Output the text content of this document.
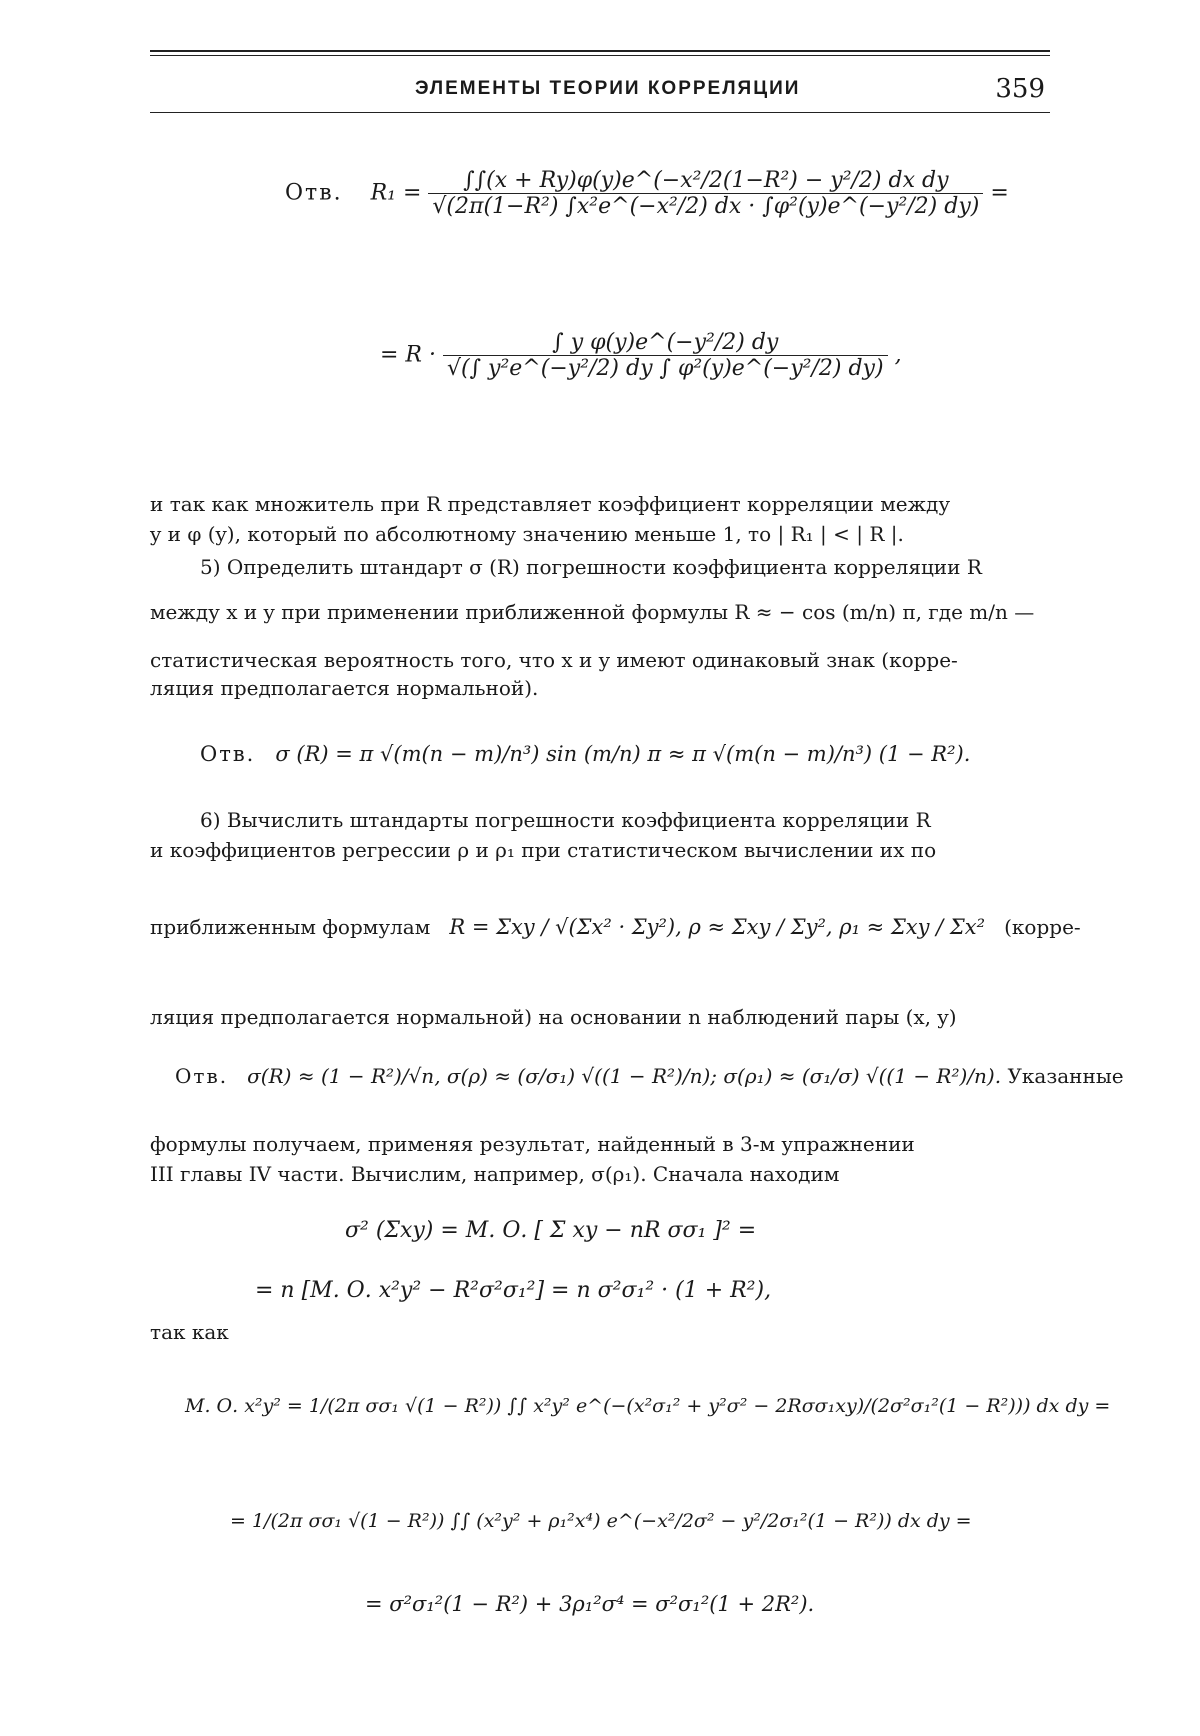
ЭЛЕМЕНТЫ ТЕОРИИ КОРРЕЛЯЦИИ	359
Отв. $R_1 = \frac{\text{∫∫(x + Ry)φ(y)e\textasciicircum{}(−x²/2(1−R²) − y²/2) dx dy}}{\text{√(2π(1−R²) ∫x²e\textasciicircum{}(−x²/2) dx · ∫φ²(y)e\textasciicircum{}(−y²/2) dy)}}$ =
= $R \cdot \frac{\text{∫ y φ(y)e\textasciicircum{}(−y²/2) dy}}{\text{√(∫ y²e\textasciicircum{}(−y²/2) dy ∫ φ²(y)e\textasciicircum{}(−y²/2) dy)}}$ ,
и так как множитель при R представляет коэффициент корреляции между
y и φ (y), который по абсолютному значению меньше 1, то | R₁ | < | R |.
5) Определить штандарт σ (R) погрешности коэффициента корреляции R
между x и y при применении приближенной формулы R ≈ − cos (m/n) π, где m/n —
статистическая вероятность того, что x и y имеют одинаковый знак (корре-
ляция предполагается нормальной).
Отв. σ (R) = π √(m(n − m)/n³) sin (m/n) π ≈ π √(m(n − m)/n³) (1 − R²).
6) Вычислить штандарты погрешности коэффициента корреляции R
и коэффициентов регрессии ρ и ρ₁ при статистическом вычислении их по
приближенным формулам R = Σxy / √(Σx² · Σy²), ρ ≈ Σxy / Σy², ρ₁ ≈ Σxy / Σx² (корре-
ляция предполагается нормальной) на основании n наблюдений пары (x, y)
Отв. σ(R) ≈ (1 − R²)/√n, σ(ρ) ≈ (σ/σ₁) √((1 − R²)/n); σ(ρ₁) ≈ (σ₁/σ) √((1 − R²)/n). Указанные
формулы получаем, применяя результат, найденный в 3-м упражнении
III главы IV части. Вычислим, например, σ(ρ₁). Сначала находим
σ² (Σxy) = М. О. [ Σ xy − nR σσ₁ ]² =
= n [М. О. x²y² − R²σ²σ₁²] = n σ²σ₁² · (1 + R²),
так как
М. О. x²y² = 1/(2π σσ₁ √(1 − R²)) ∫∫ x²y² e^(−(x²σ₁² + y²σ² − 2Rσσ₁xy)/(2σ²σ₁²(1 − R²))) dx dy =
= 1/(2π σσ₁ √(1 − R²)) ∫∫ (x²y² + ρ₁²x⁴) e^(−x²/2σ² − y²/2σ₁²(1 − R²)) dx dy =
= σ²σ₁²(1 − R²) + 3ρ₁²σ⁴ = σ²σ₁²(1 + 2R²).
